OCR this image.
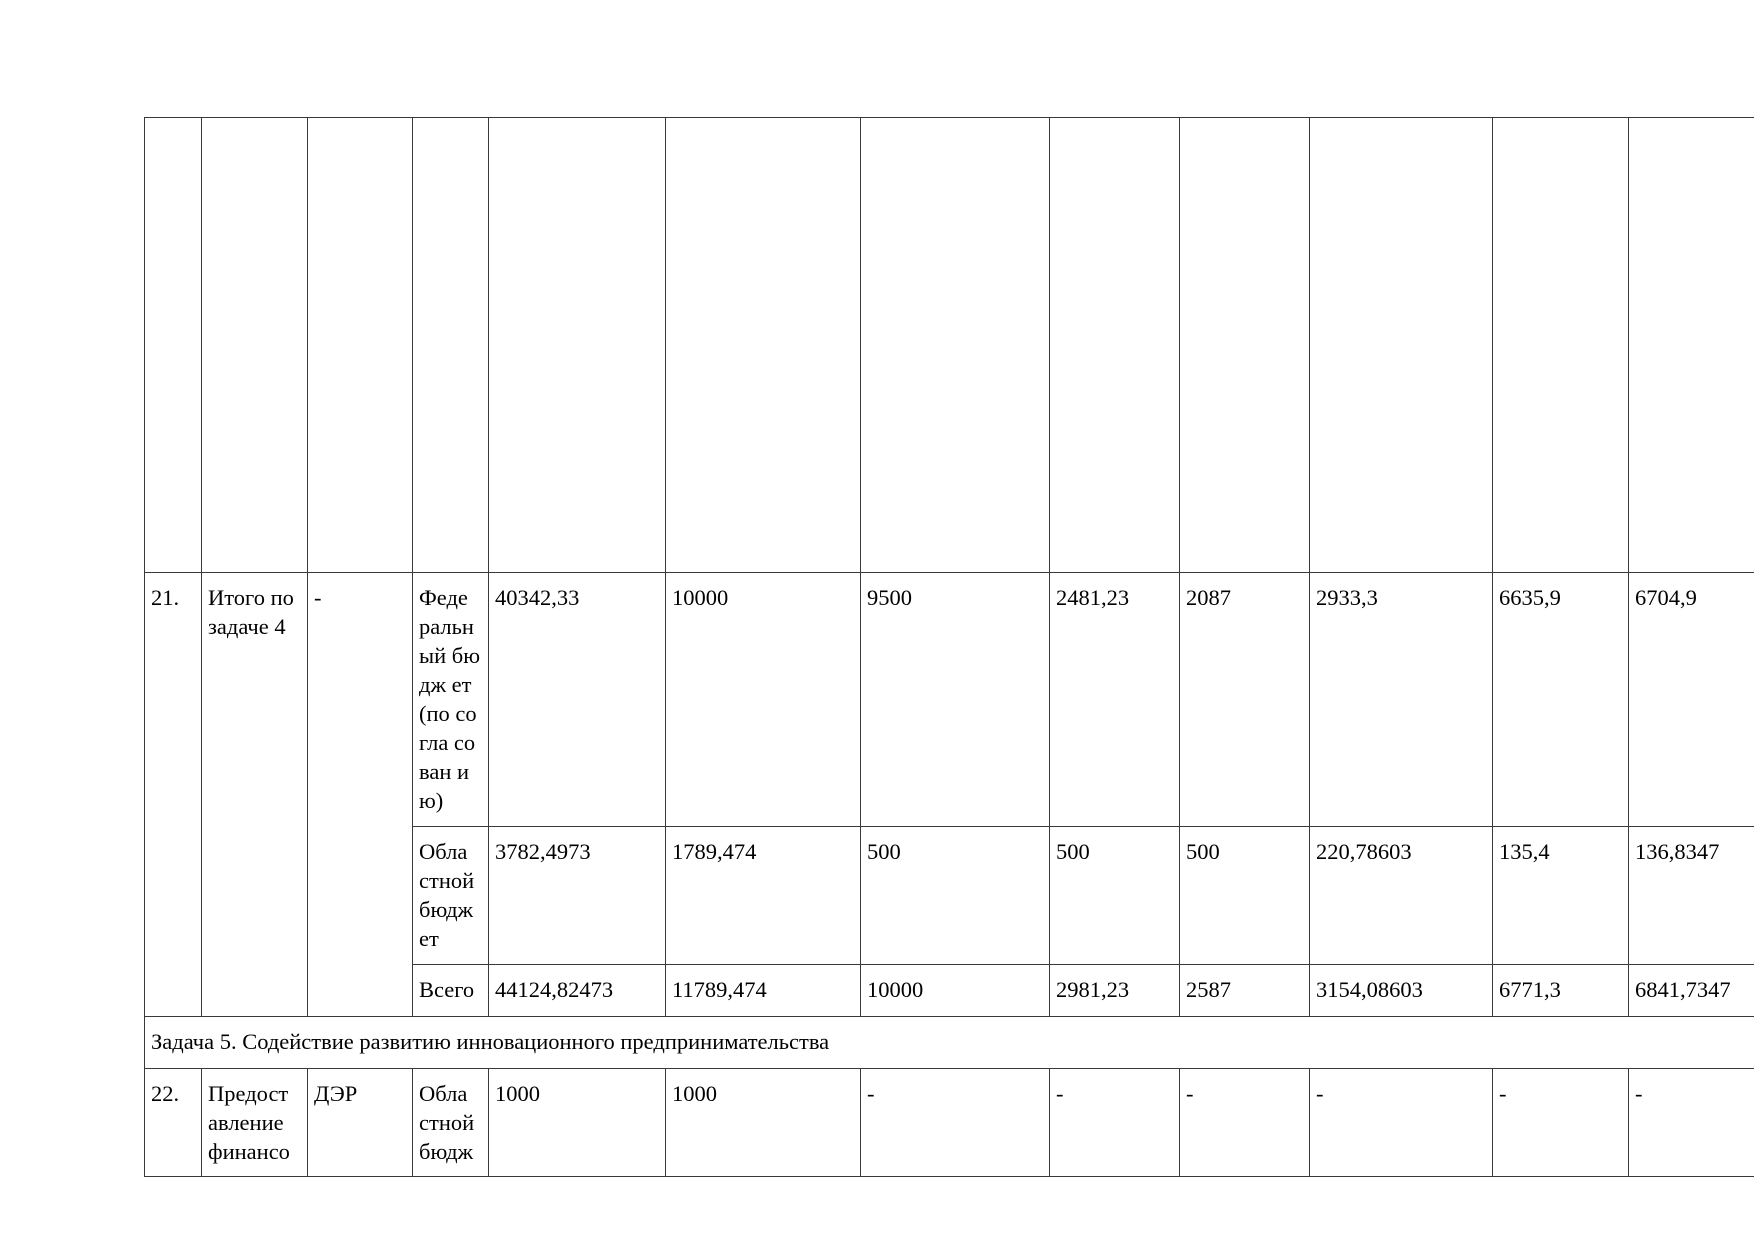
21.	Итого по задаче 4	-	Феде ральн ый бюдж ет (по согла сован ию)	40342,33	10000	9500	2481,23	2087	2933,3	6635,9	6704,9
			Обла стной бюдж ет	3782,4973	1789,474	500	500	500	220,78603	135,4	136,8347
			Всего	44124,82473	11789,474	10000	2981,23	2587	3154,08603	6771,3	6841,7347
Задача 5. Содействие развитию инновационного предпринимательства											
22.	Предост авление финансо	ДЭР	Обла стной бюдж	1000	1000	-	-	-	-	-	-
